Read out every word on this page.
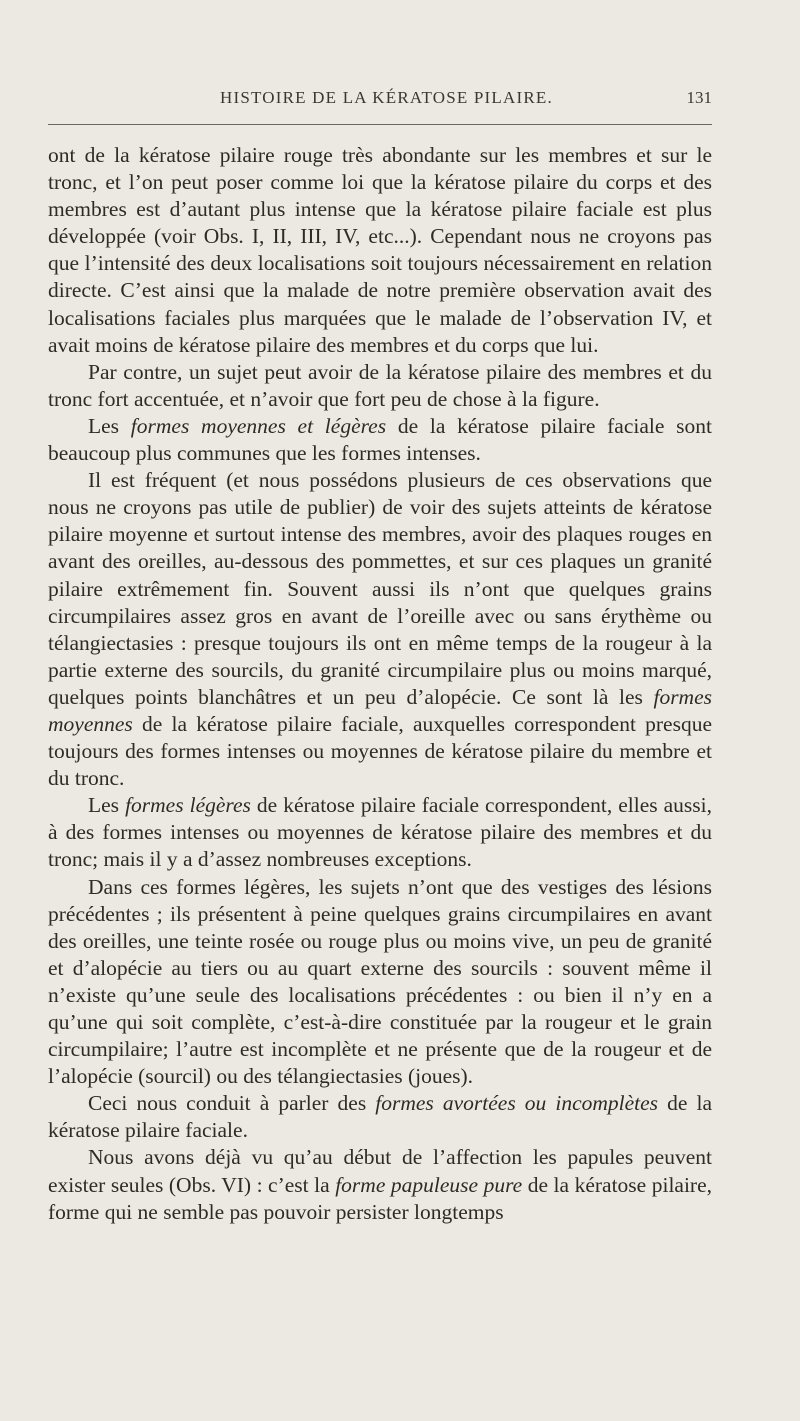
HISTOIRE DE LA KÉRATOSE PILAIRE.	131

ont de la kératose pilaire rouge très abondante sur les membres et sur le tronc, et l’on peut poser comme loi que la kératose pilaire du corps et des membres est d’autant plus intense que la kératose pilaire faciale est plus développée (voir Obs. I, II, III, IV, etc...). Cependant nous ne croyons pas que l’intensité des deux localisations soit toujours nécessairement en relation directe. C’est ainsi que la malade de notre première observation avait des localisations faciales plus marquées que le malade de l’observation IV, et avait moins de kératose pilaire des membres et du corps que lui.

Par contre, un sujet peut avoir de la kératose pilaire des membres et du tronc fort accentuée, et n’avoir que fort peu de chose à la figure.

Les formes moyennes et légères de la kératose pilaire faciale sont beaucoup plus communes que les formes intenses.

Il est fréquent (et nous possédons plusieurs de ces observations que nous ne croyons pas utile de publier) de voir des sujets atteints de kératose pilaire moyenne et surtout intense des membres, avoir des plaques rouges en avant des oreilles, au-dessous des pommettes, et sur ces plaques un granité pilaire extrêmement fin. Souvent aussi ils n’ont que quelques grains circumpilaires assez gros en avant de l’oreille avec ou sans érythème ou télangiectasies : presque toujours ils ont en même temps de la rougeur à la partie externe des sourcils, du granité circumpilaire plus ou moins marqué, quelques points blanchâtres et un peu d’alopécie. Ce sont là les formes moyennes de la kératose pilaire faciale, auxquelles correspondent presque toujours des formes intenses ou moyennes de kératose pilaire du membre et du tronc.

Les formes légères de kératose pilaire faciale correspondent, elles aussi, à des formes intenses ou moyennes de kératose pilaire des membres et du tronc; mais il y a d’assez nombreuses exceptions.

Dans ces formes légères, les sujets n’ont que des vestiges des lésions précédentes ; ils présentent à peine quelques grains circumpilaires en avant des oreilles, une teinte rosée ou rouge plus ou moins vive, un peu de granité et d’alopécie au tiers ou au quart externe des sourcils : souvent même il n’existe qu’une seule des localisations précédentes : ou bien il n’y en a qu’une qui soit complète, c’est-à-dire constituée par la rougeur et le grain circumpilaire; l’autre est incomplète et ne présente que de la rougeur et de l’alopécie (sourcil) ou des télangiectasies (joues).

Ceci nous conduit à parler des formes avortées ou incomplètes de la kératose pilaire faciale.

Nous avons déjà vu qu’au début de l’affection les papules peuvent exister seules (Obs. VI) : c’est la forme papuleuse pure de la kératose pilaire, forme qui ne semble pas pouvoir persister longtemps
